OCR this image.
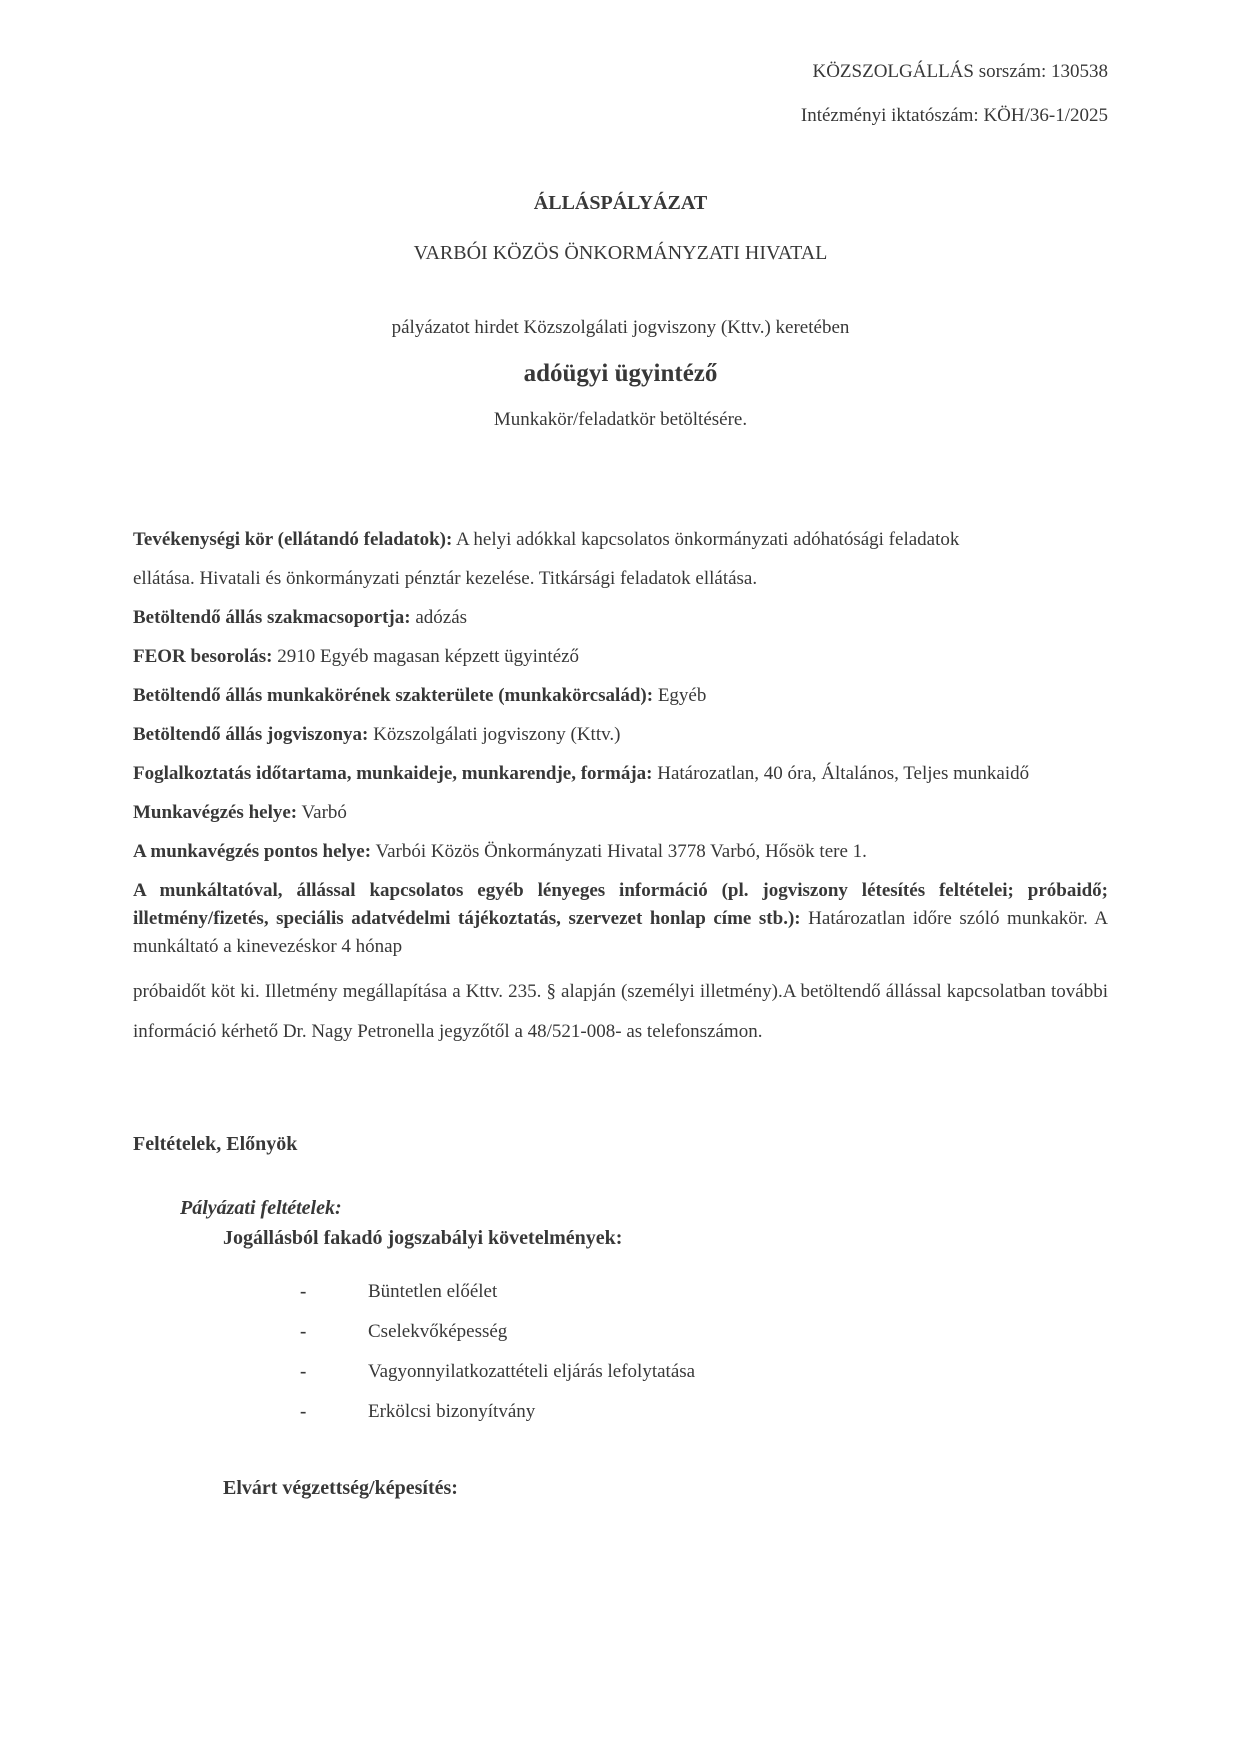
KÖZSZOLGÁLLÁS sorszám: 130538
Intézményi iktatószám: KÖH/36-1/2025
ÁLLÁSPÁLYÁZAT
VARBÓI KÖZÖS ÖNKORMÁNYZATI HIVATAL
pályázatot hirdet Közszolgálati jogviszony (Kttv.) keretében
adóügyi ügyintéző
Munkakör/feladatkör betöltésére.

Tevékenységi kör (ellátandó feladatok): A helyi adókkal kapcsolatos önkormányzati adóhatósági feladatok

ellátása. Hivatali és önkormányzati pénztár kezelése. Titkársági feladatok ellátása.

Betöltendő állás szakmacsoportja: adózás

FEOR besorolás: 2910 Egyéb magasan képzett ügyintéző

Betöltendő állás munkakörének szakterülete (munkakörcsalád): Egyéb

Betöltendő állás jogviszonya: Közszolgálati jogviszony (Kttv.)

Foglalkoztatás időtartama, munkaideje, munkarendje, formája: Határozatlan, 40 óra, Általános, Teljes munkaidő

Munkavégzés helye: Varbó

A munkavégzés pontos helye: Varbói Közös Önkormányzati Hivatal 3778 Varbó, Hősök tere 1.

A munkáltatóval, állással kapcsolatos egyéb lényeges információ (pl. jogviszony létesítés feltételei; próbaidő; illetmény/fizetés, speciális adatvédelmi tájékoztatás, szervezet honlap címe stb.): Határozatlan időre szóló munkakör. A munkáltató a kinevezéskor 4 hónap

próbaidőt köt ki. Illetmény megállapítása a Kttv. 235. § alapján (személyi illetmény).A betöltendő állással kapcsolatban további információ kérhető Dr. Nagy Petronella jegyzőtől a 48/521-008- as telefonszámon.

Feltételek, Előnyök
Pályázati feltételek:
Jogállásból fakadó jogszabályi követelmények:
-	Büntetlen előélet
-	Cselekvőképesség
-	Vagyonnyilatkozattételi eljárás lefolytatása
-	Erkölcsi bizonyítvány
Elvárt végzettség/képesítés:
